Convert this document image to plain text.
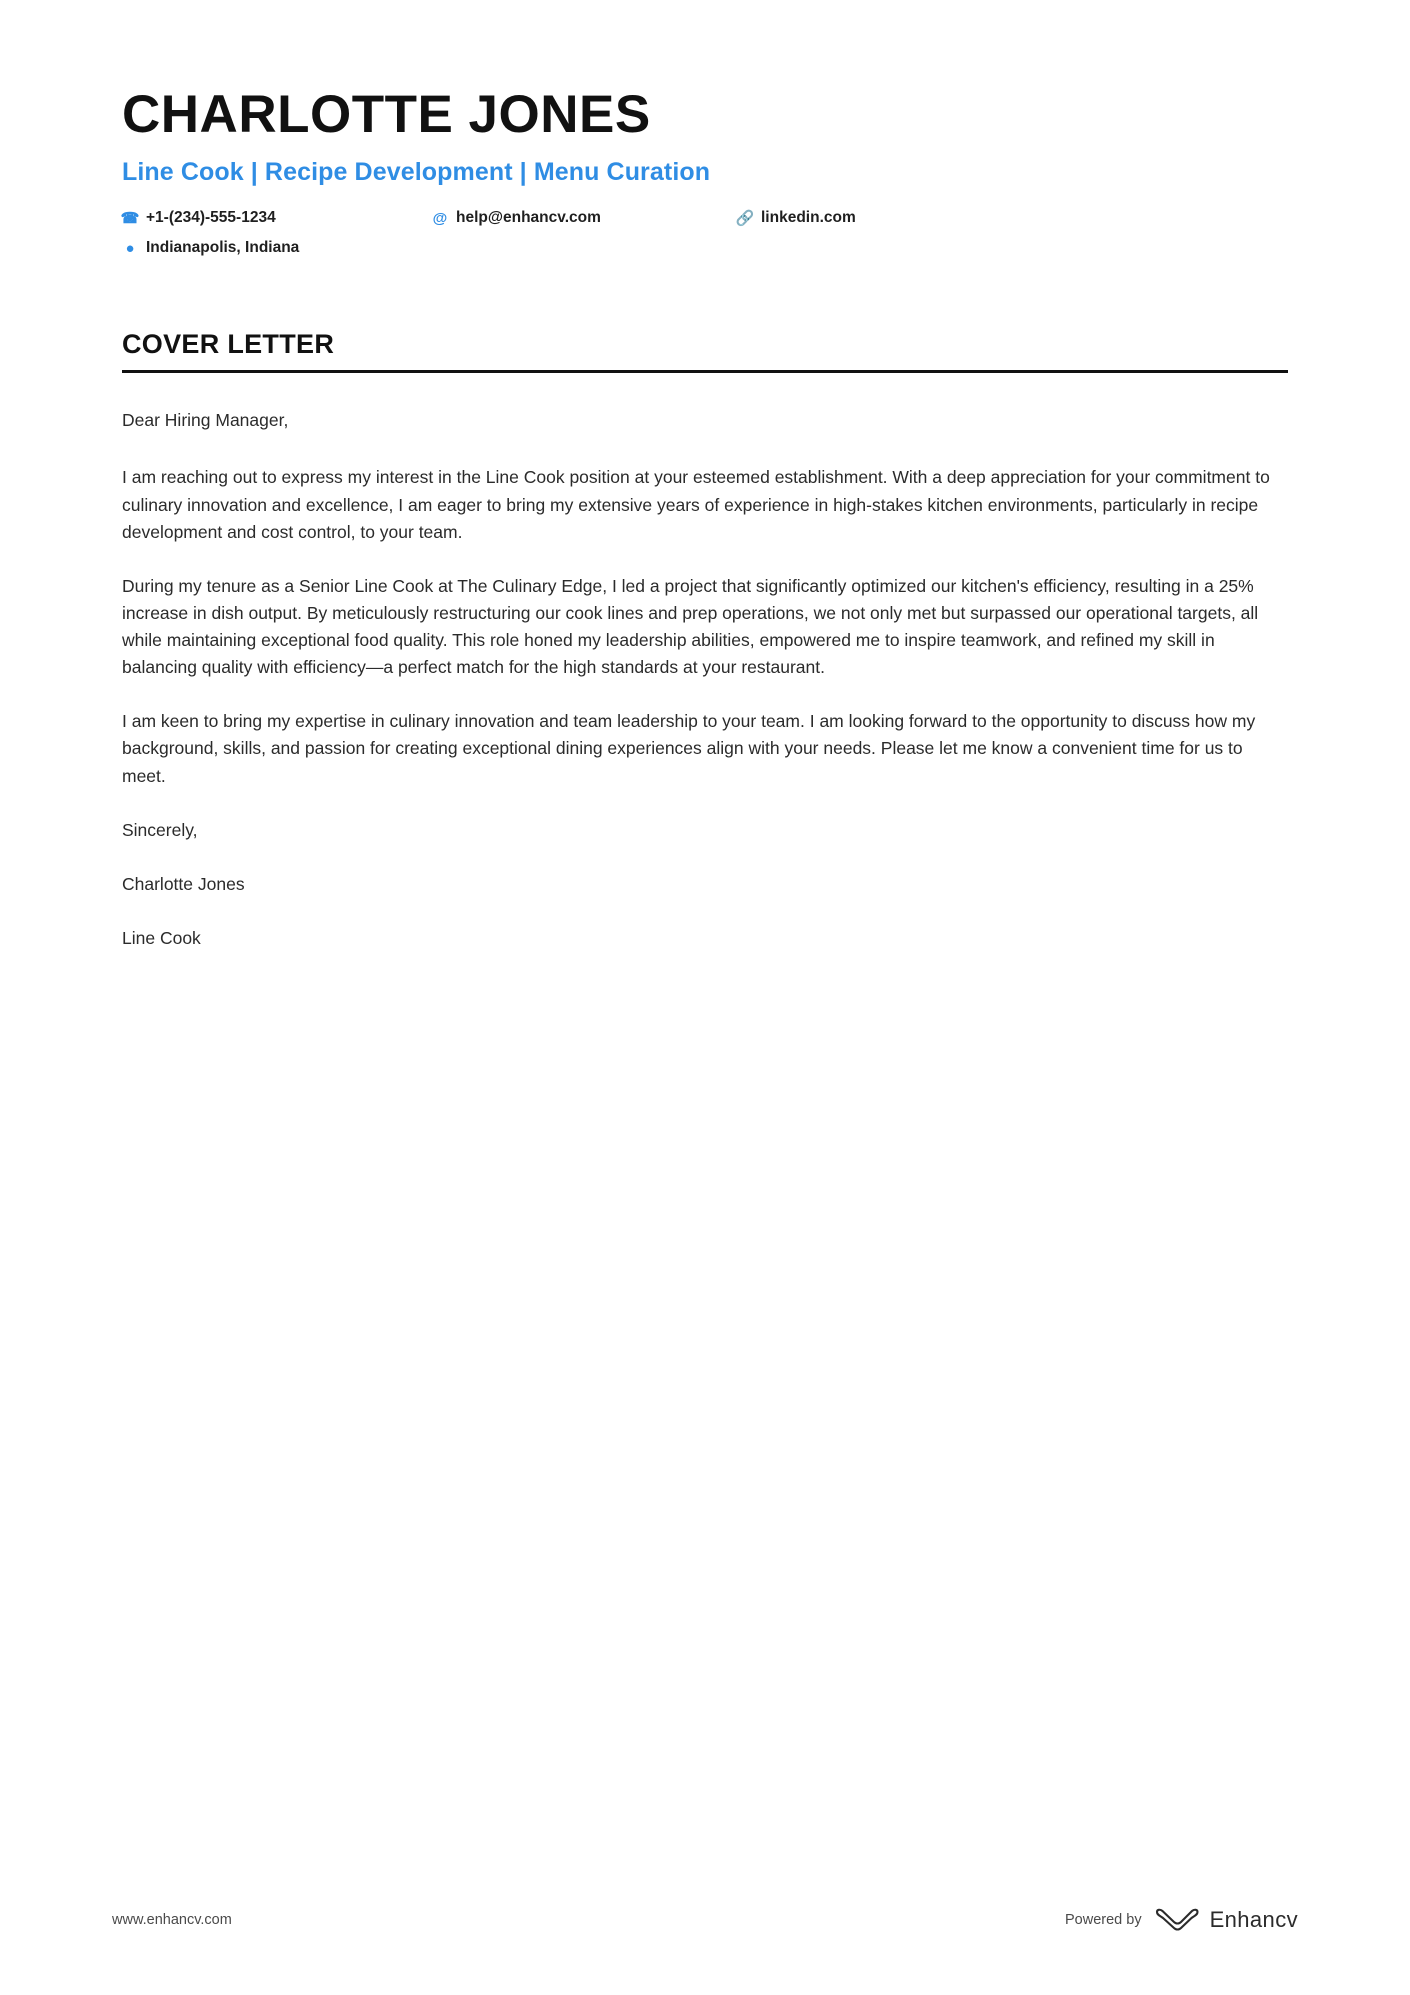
CHARLOTTE JONES
Line Cook | Recipe Development | Menu Curation
☎ +1-(234)-555-1234	@ help@enhancv.com	🔗 linkedin.com
● Indianapolis, Indiana
COVER LETTER

Dear Hiring Manager,

I am reaching out to express my interest in the Line Cook position at your esteemed establishment. With a deep appreciation for your commitment to culinary innovation and excellence, I am eager to bring my extensive years of experience in high-stakes kitchen environments, particularly in recipe development and cost control, to your team.

During my tenure as a Senior Line Cook at The Culinary Edge, I led a project that significantly optimized our kitchen's efficiency, resulting in a 25% increase in dish output. By meticulously restructuring our cook lines and prep operations, we not only met but surpassed our operational targets, all while maintaining exceptional food quality. This role honed my leadership abilities, empowered me to inspire teamwork, and refined my skill in balancing quality with efficiency—a perfect match for the high standards at your restaurant.

I am keen to bring my expertise in culinary innovation and team leadership to your team. I am looking forward to the opportunity to discuss how my background, skills, and passion for creating exceptional dining experiences align with your needs. Please let me know a convenient time for us to meet.

Sincerely,

Charlotte Jones

Line Cook

www.enhancv.com	Powered by	Enhancv
